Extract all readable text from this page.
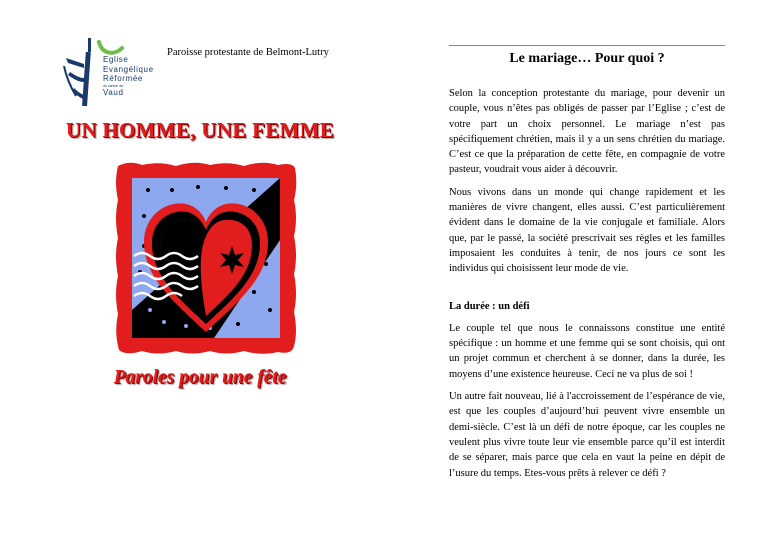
Eglise
Evangélique
Réformée
du canton de
Vaud
Paroisse protestante de Belmont-Lutry
UN HOMME, UNE FEMME
Paroles pour une fête
Le mariage… Pour quoi ?

Selon la conception protestante du mariage, pour devenir un couple, vous n’êtes pas obligés de passer par l’Eglise ; c’est de votre part un choix personnel. Le mariage n’est pas spécifiquement chrétien, mais il y a un sens chrétien du mariage. C’est ce que la préparation de cette fête, en compagnie de votre pasteur, voudrait vous aider à découvrir.

Nous vivons dans un monde qui change rapidement et les manières de vivre changent, elles aussi. C’est particulièrement évident dans le domaine de la vie conjugale et familiale. Alors que, par le passé, la société prescrivait ses règles et les familles imposaient les conduites à tenir, de nos jours ce sont les individus qui choisissent leur mode de vie.

La durée : un défi

Le couple tel que nous le connaissons constitue une entité spécifique : un homme et une femme qui se sont choisis, qui ont un projet commun et cherchent à se donner, dans la durée, les moyens d’une existence heureuse. Ceci ne va plus de soi !

Un autre fait nouveau, lié à l'accroissement de l’espérance de vie, est que les couples d’aujourd’hui peuvent vivre ensemble un demi-siècle. C’est là un défi de notre époque, car les couples ne veulent plus vivre toute leur vie ensemble parce qu’il est interdit de se séparer, mais parce que cela en vaut la peine en dépit de l’usure du temps. Etes-vous prêts à relever ce défi ?
